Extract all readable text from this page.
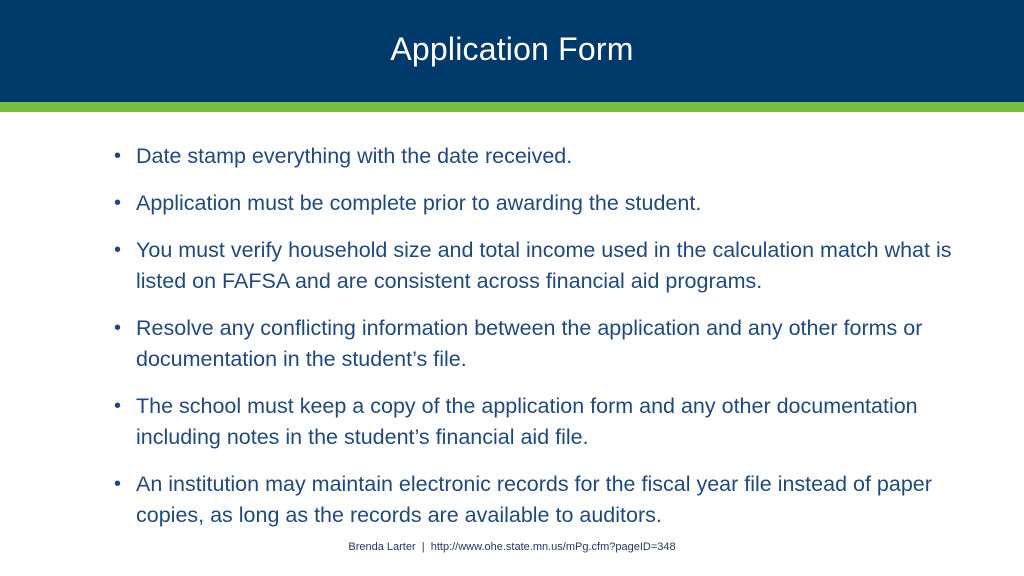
Application Form
• Date stamp everything with the date received.
• Application must be complete prior to awarding the student.
• You must verify household size and total income used in the calculation match what is listed on FAFSA and are consistent across financial aid programs.
• Resolve any conflicting information between the application and any other forms or documentation in the student’s file.
• The school must keep a copy of the application form and any other documentation including notes in the student’s financial aid file.
• An institution may maintain electronic records for the fiscal year file instead of paper copies, as long as the records are available to auditors.
Brenda Larter  |  http://www.ohe.state.mn.us/mPg.cfm?pageID=348
